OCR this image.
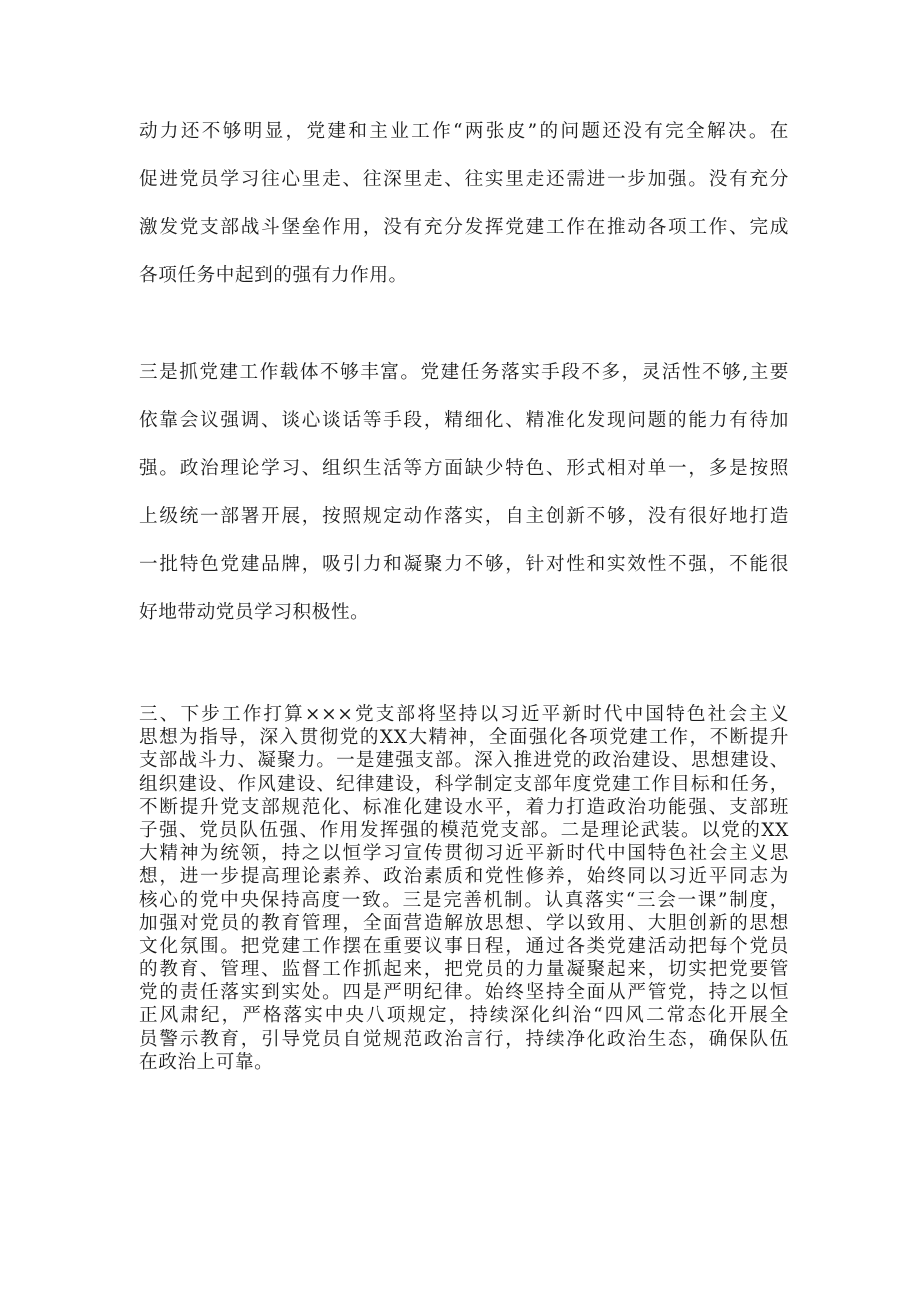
动力还不够明显，党建和主业工作“两张皮”的问题还没有完全解决。在
促进党员学习往心里走、往深里走、往实里走还需进一步加强。没有充分
激发党支部战斗堡垒作用，没有充分发挥党建工作在推动各项工作、完成
各项任务中起到的强有力作用。
三是抓党建工作载体不够丰富。党建任务落实手段不多，灵活性不够,主要
依靠会议强调、谈心谈话等手段，精细化、精准化发现问题的能力有待加
强。政治理论学习、组织生活等方面缺少特色、形式相对单一，多是按照
上级统一部署开展，按照规定动作落实，自主创新不够，没有很好地打造
一批特色党建品牌，吸引力和凝聚力不够，针对性和实效性不强，不能很
好地带动党员学习积极性。
三、下步工作打算×××党支部将坚持以习近平新时代中国特色社会主义
思想为指导，深入贯彻党的XX大精神，全面强化各项党建工作，不断提升
支部战斗力、凝聚力。一是建强支部。深入推进党的政治建设、思想建设、
组织建设、作风建设、纪律建设，科学制定支部年度党建工作目标和任务，
不断提升党支部规范化、标准化建设水平，着力打造政治功能强、支部班
子强、党员队伍强、作用发挥强的模范党支部。二是理论武装。以党的XX
大精神为统领，持之以恒学习宣传贯彻习近平新时代中国特色社会主义思
想，进一步提高理论素养、政治素质和党性修养，始终同以习近平同志为
核心的党中央保持高度一致。三是完善机制。认真落实“三会一课”制度，
加强对党员的教育管理，全面营造解放思想、学以致用、大胆创新的思想
文化氛围。把党建工作摆在重要议事日程，通过各类党建活动把每个党员
的教育、管理、监督工作抓起来，把党员的力量凝聚起来，切实把党要管
党的责任落实到实处。四是严明纪律。始终坚持全面从严管党，持之以恒
正风肃纪，严格落实中央八项规定，持续深化纠治“四风二常态化开展全
员警示教育，引导党员自觉规范政治言行，持续净化政治生态，确保队伍
在政治上可靠。
